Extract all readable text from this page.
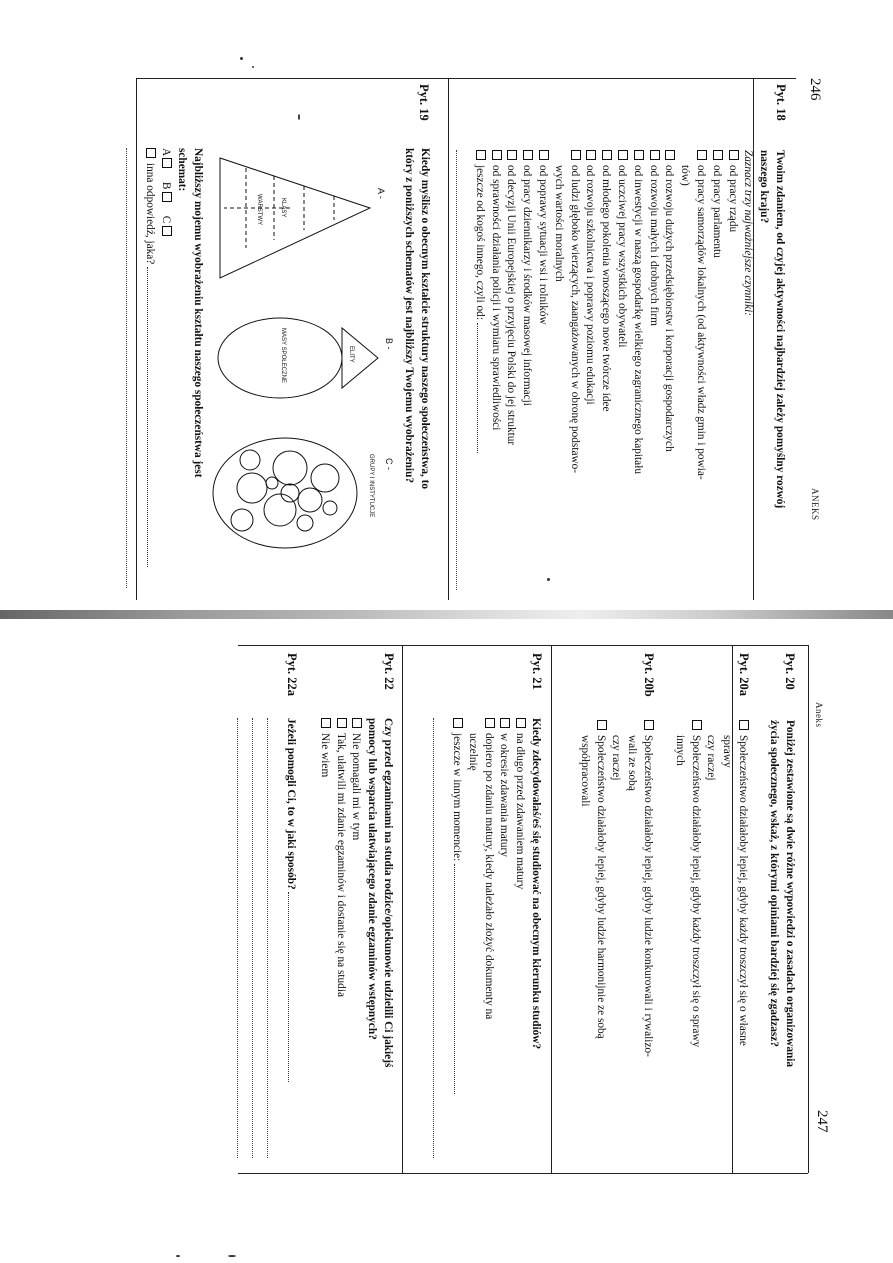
246
ANEKS
Pyt. 18
Twoim zdaniem, od czyjej aktywności najbardziej zależy pomyślny rozwój
naszego kraju?
Zaznacz trzy najważniejsze czynniki:
od pracy rządu
od pracy parlamentu
od pracy samorządów lokalnych (od aktywności władz gmin i powia-
tów)
od rozwoju dużych przedsiębiorstw i korporacji gospodarczych
od rozwoju małych i drobnych firm
od inwestycji w naszą gospodarkę wielkiego zagranicznego kapitału
od uczciwej pracy wszystkich obywateli
od młodego pokolenia wnoszącego nowe twórcze idee
od rozwoju szkolnictwa i poprawy poziomu edukacji
od ludzi głęboko wierzących, zaangażowanych w obronę podstawo-
wych wartości moralnych
od poprawy sytuacji wsi i rolników
od pracy dziennikarzy i środków masowej informacji
od decyzji Unii Europejskiej o przyjęciu Polski do jej struktur
od sprawności działania policji i wymiaru sprawiedliwości
jeszcze od kogoś innego, czyli od:
Pyt. 19
Kiedy myślisz o obecnym kształcie struktury naszego społeczeństwa, to
który z poniższych schematów jest najbliższy Twojemu wyobrażeniu?
A -
KLASY
WARSTWY
B -
ELITY
MASY SPOŁECZNE
C -
GRUPY I INSTYTUCJE
Najbliższy mojemu wyobrażeniu kształtu naszego społeczeństwa jest
schemat:
A    B    C
inna odpowiedź, jaka?
Aneks
247
Pyt. 20
Poniżej zestawione są dwie różne wypowiedzi o zasadach organizowania
życia społecznego, wskaż, z którymi opiniami bardziej się zgadzasz?
Pyt. 20a
Społeczeństwo działałoby lepiej, gdyby każdy troszczył się o własne
sprawy
czy raczej
Społeczeństwo działałoby lepiej, gdyby każdy troszczył się o sprawy
innych
Pyt. 20b
Społeczeństwo działałoby lepiej, gdyby ludzie konkurowali i rywalizo-
wali ze sobą
czy raczej
Społeczeństwo działałoby lepiej, gdyby ludzie harmonijnie ze sobą
współpracowali
Pyt. 21
Kiedy zdecydowałaś/eś się studiować na obecnym kierunku studiów?
na długo przed zdawaniem matury
w okresie zdawania matury
dopiero po zdaniu matury, kiedy należało złożyć dokumenty na
uczelnię
jeszcze w innym momencie:
Pyt. 22
Czy przed egzaminami na studia rodzice/opiekunowie udzielili Ci jakiejś
pomocy lub wsparcia ułatwiającego zdanie egzaminów wstępnych?
Nie pomagali mi w tym
Tak, ułatwili mi zdanie egzaminów i dostanie się na studia
Nie wiem
Pyt. 22a
Jeżeli pomogli Ci, to w jaki sposób?
